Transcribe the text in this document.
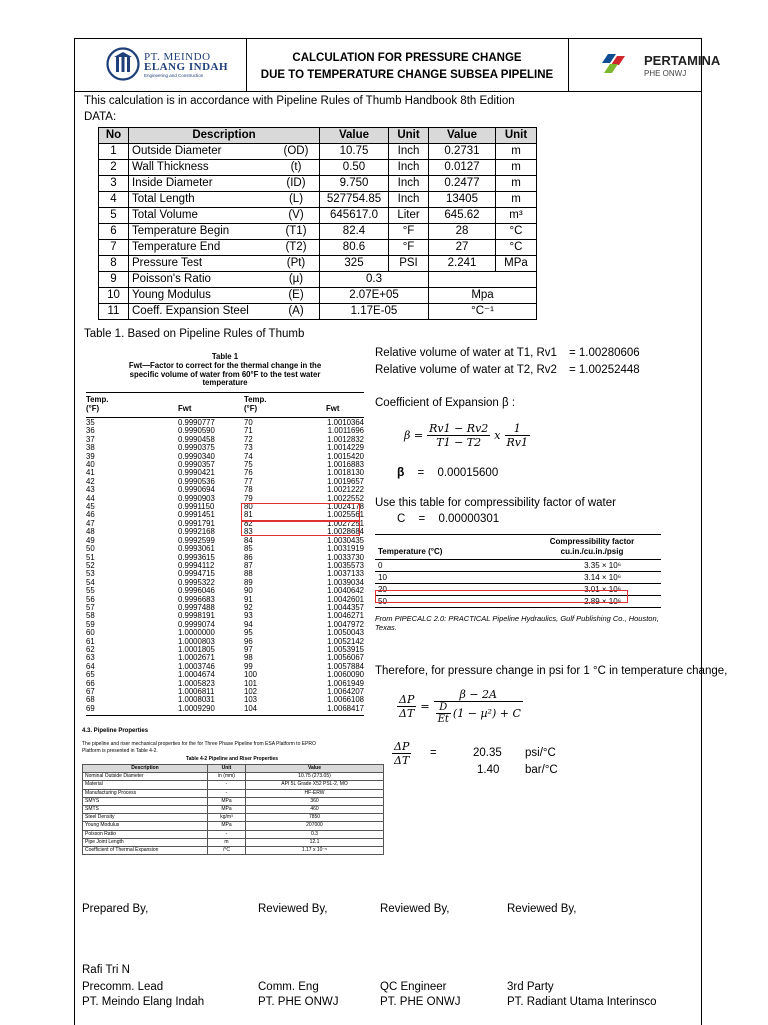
PT. MEINDO
ELANG INDAH
Engineering and Construction
CALCULATION FOR PRESSURE CHANGE
DUE TO TEMPERATURE CHANGE SUBSEA PIPELINE
PERTAMINA
PHE ONWJ
This calculation is in accordance with Pipeline Rules of Thumb Handbook 8th Edition
DATA:
No	Description		Value	Unit	Value	Unit
1	Outside Diameter	(OD)	10.75	Inch	0.2731	m
2	Wall Thickness	(t)	0.50	Inch	0.0127	m
3	Inside Diameter	(ID)	9.750	Inch	0.2477	m
4	Total Length	(L)	527754.85	Inch	13405	m
5	Total Volume	(V)	645617.0	Liter	645.62	m³
6	Temperature Begin	(T1)	82.4	°F	28	°C
7	Temperature End	(T2)	80.6	°F	27	°C
8	Pressure Test	(Pt)	325	PSI	2.241	MPa
9	Poisson's Ratio	(µ)	0.3			
10	Young Modulus	(E)	2.07E+05		Mpa	
11	Coeff. Expansion Steel	(A)	1.17E-05		°C⁻¹	
Table 1. Based on Pipeline Rules of Thumb
Table 1
Fwt—Factor to correct for the thermal change in the
specific volume of water from 60°F to the test water
temperature
Temp.
(°F)	Fwt
Temp.
(°F)	Fwt
35	0.9990777	70	1.0010364
36	0.9990590	71	1.0011696
37	0.9990458	72	1.0012832
38	0.9990375	73	1.0014229
39	0.9990340	74	1.0015420
40	0.9990357	75	1.0016883
41	0.9990421	76	1.0018130
42	0.9990536	77	1.0019657
43	0.9990694	78	1.0021222
44	0.9990903	79	1.0022552
45	0.9991150	80	1.0024178
46	0.9991451	81	1.0025561
47	0.9991791	82	1.0027251
48	0.9992168	83	1.0028684
49	0.9992599	84	1.0030435
50	0.9993061	85	1.0031919
51	0.9993615	86	1.0033730
52	0.9994112	87	1.0035573
53	0.9994715	88	1.0037133
54	0.9995322	89	1.0039034
55	0.9996046	90	1.0040642
56	0.9996683	91	1.0042601
57	0.9997488	92	1.0044357
58	0.9998191	93	1.0046271
59	0.9999074	94	1.0047972
60	1.0000000	95	1.0050043
61	1.0000803	96	1.0052142
62	1.0001805	97	1.0053915
63	1.0002671	98	1.0056067
64	1.0003746	99	1.0057884
65	1.0004674	100	1.0060090
66	1.0005823	101	1.0061949
67	1.0006811	102	1.0064207
68	1.0008031	103	1.0066108
69	1.0009290	104	1.0068417
Relative volume of water at T1, Rv1 = 1.00280606
Relative volume of water at T2, Rv2 = 1.00252448
Coefficient of Expansion β :
$\beta = \frac{Rv1 - Rv2}{T1 - T2}$ x $\frac{1}{Rv1}$
β = 0.00015600
Use this table for compressibility factor of water
C = 0.00000301
Temperature (°C)
Compressibility factor
cu.in./cu.in./psig
0	3.35 × 10⁶
10	3.14 × 10⁶
20	3.01 × 10⁶
50	2.89 × 10⁶
From PIPECALC 2.0: PRACTICAL Pipeline Hydraulics, Gulf Publishing Co., Houston, Texas.
Therefore, for pressure change in psi for 1 °C in temperature change,
$\frac{\Delta P}{\Delta T} = \frac{\beta - 2A}{\frac{D}{Et} (1 - \mu^2) + C}$
$\frac{\Delta P}{\Delta T}$ =	20.35 psi/°C
1.40 bar/°C
4.3. Pipeline Properties
The pipeline and riser mechanical properties for the for Three Phase Pipeline from ESA Platform to EPRO
Platform is presented in Table 4-2.
Table 4-2 Pipeline and Riser Properties
Description	Unit	Value
Nominal Outside Diameter	in (mm)	10.75 (273.05)
Material	-	API 5L Grade X52 PSL-2, MO
Manufacturing Process	-	HF-ERW
SMYS	MPa	360
SMTS	MPa	460
Steel Density	kg/m³	7850
Young Modulus	MPa	207000
Poisson Ratio	-	0.3
Pipe Joint Length	m	12.1
Coefficient of Thermal Expansion	/°C	1.17 x 10⁻⁵
Prepared By,	Reviewed By,	Reviewed By,	Reviewed By,
Rafi Tri N
Precomm. Lead	Comm. Eng	QC Engineer	3rd Party
PT. Meindo Elang Indah	PT. PHE ONWJ	PT. PHE ONWJ	PT. Radiant Utama Interinsco
